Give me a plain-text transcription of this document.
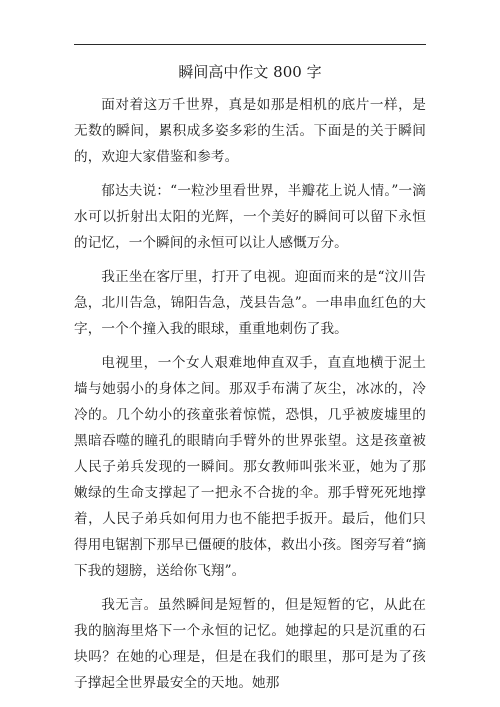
瞬间高中作文 800 字

面对着这万千世界，真是如那是相机的底片一样，是无数的瞬间，累积成多姿多彩的生活。下面是的关于瞬间的，欢迎大家借鉴和参考。

郁达夫说：“一粒沙里看世界，半瓣花上说人情。”一滴水可以折射出太阳的光辉，一个美好的瞬间可以留下永恒的记忆，一个瞬间的永恒可以让人感慨万分。

我正坐在客厅里，打开了电视。迎面而来的是“汶川告急，北川告急，锦阳告急，茂县告急”。一串串血红色的大字，一个个撞入我的眼球，重重地刺伤了我。

电视里，一个女人艰难地伸直双手，直直地横于泥土墙与她弱小的身体之间。那双手布满了灰尘，冰冰的，冷冷的。几个幼小的孩童张着惊慌，恐惧，几乎被废墟里的黑暗吞噬的瞳孔的眼睛向手臂外的世界张望。这是孩童被人民子弟兵发现的一瞬间。那女教师叫张米亚，她为了那嫩绿的生命支撑起了一把永不合拢的伞。那手臂死死地撑着，人民子弟兵如何用力也不能把手扳开。最后，他们只得用电锯割下那早已僵硬的肢体，救出小孩。图旁写着“摘下我的翅膀，送给你飞翔”。

我无言。虽然瞬间是短暂的，但是短暂的它，从此在我的脑海里烙下一个永恒的记忆。她撑起的只是沉重的石块吗？在她的心理是，但是在我们的眼里，那可是为了孩子撑起全世界最安全的天地。她那
